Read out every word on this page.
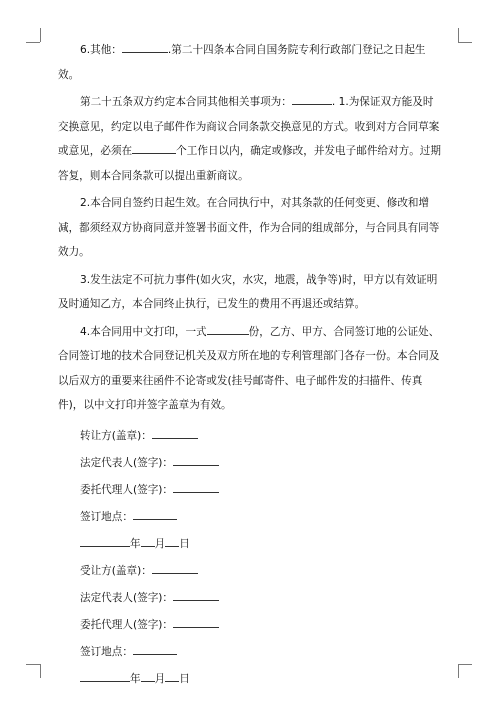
6.其他：	.第二十四条本合同自国务院专利行政部门登记之日起生效。

第二十五条双方约定本合同其他相关事项为：	. 1.为保证双方能及时交换意见，约定以电子邮件作为商议合同条款交换意见的方式。收到对方合同草案或意见，必须在	个工作日以内，确定或修改，并发电子邮件给对方。过期答复，则本合同条款可以提出重新商议。

2.本合同自签约日起生效。在合同执行中，对其条款的任何变更、修改和增减，都须经双方协商同意并签署书面文件，作为合同的组成部分，与合同具有同等效力。

3.发生法定不可抗力事件(如火灾，水灾，地震，战争等)时，甲方以有效证明及时通知乙方，本合同终止执行，已发生的费用不再退还或结算。

4.本合同用中文打印，一式	份，乙方、甲方、合同签订地的公证处、合同签订地的技术合同登记机关及双方所在地的专利管理部门各存一份。本合同及以后双方的重要来往函件不论寄或发(挂号邮寄件、电子邮件发的扫描件、传真件)，以中文打印并签字盖章为有效。

转让方(盖章)：
法定代表人(签字)：
委托代理人(签字)：
签订地点：
年 月 日
受让方(盖章)：
法定代表人(签字)：
委托代理人(签字)：
签订地点：
年 月 日
